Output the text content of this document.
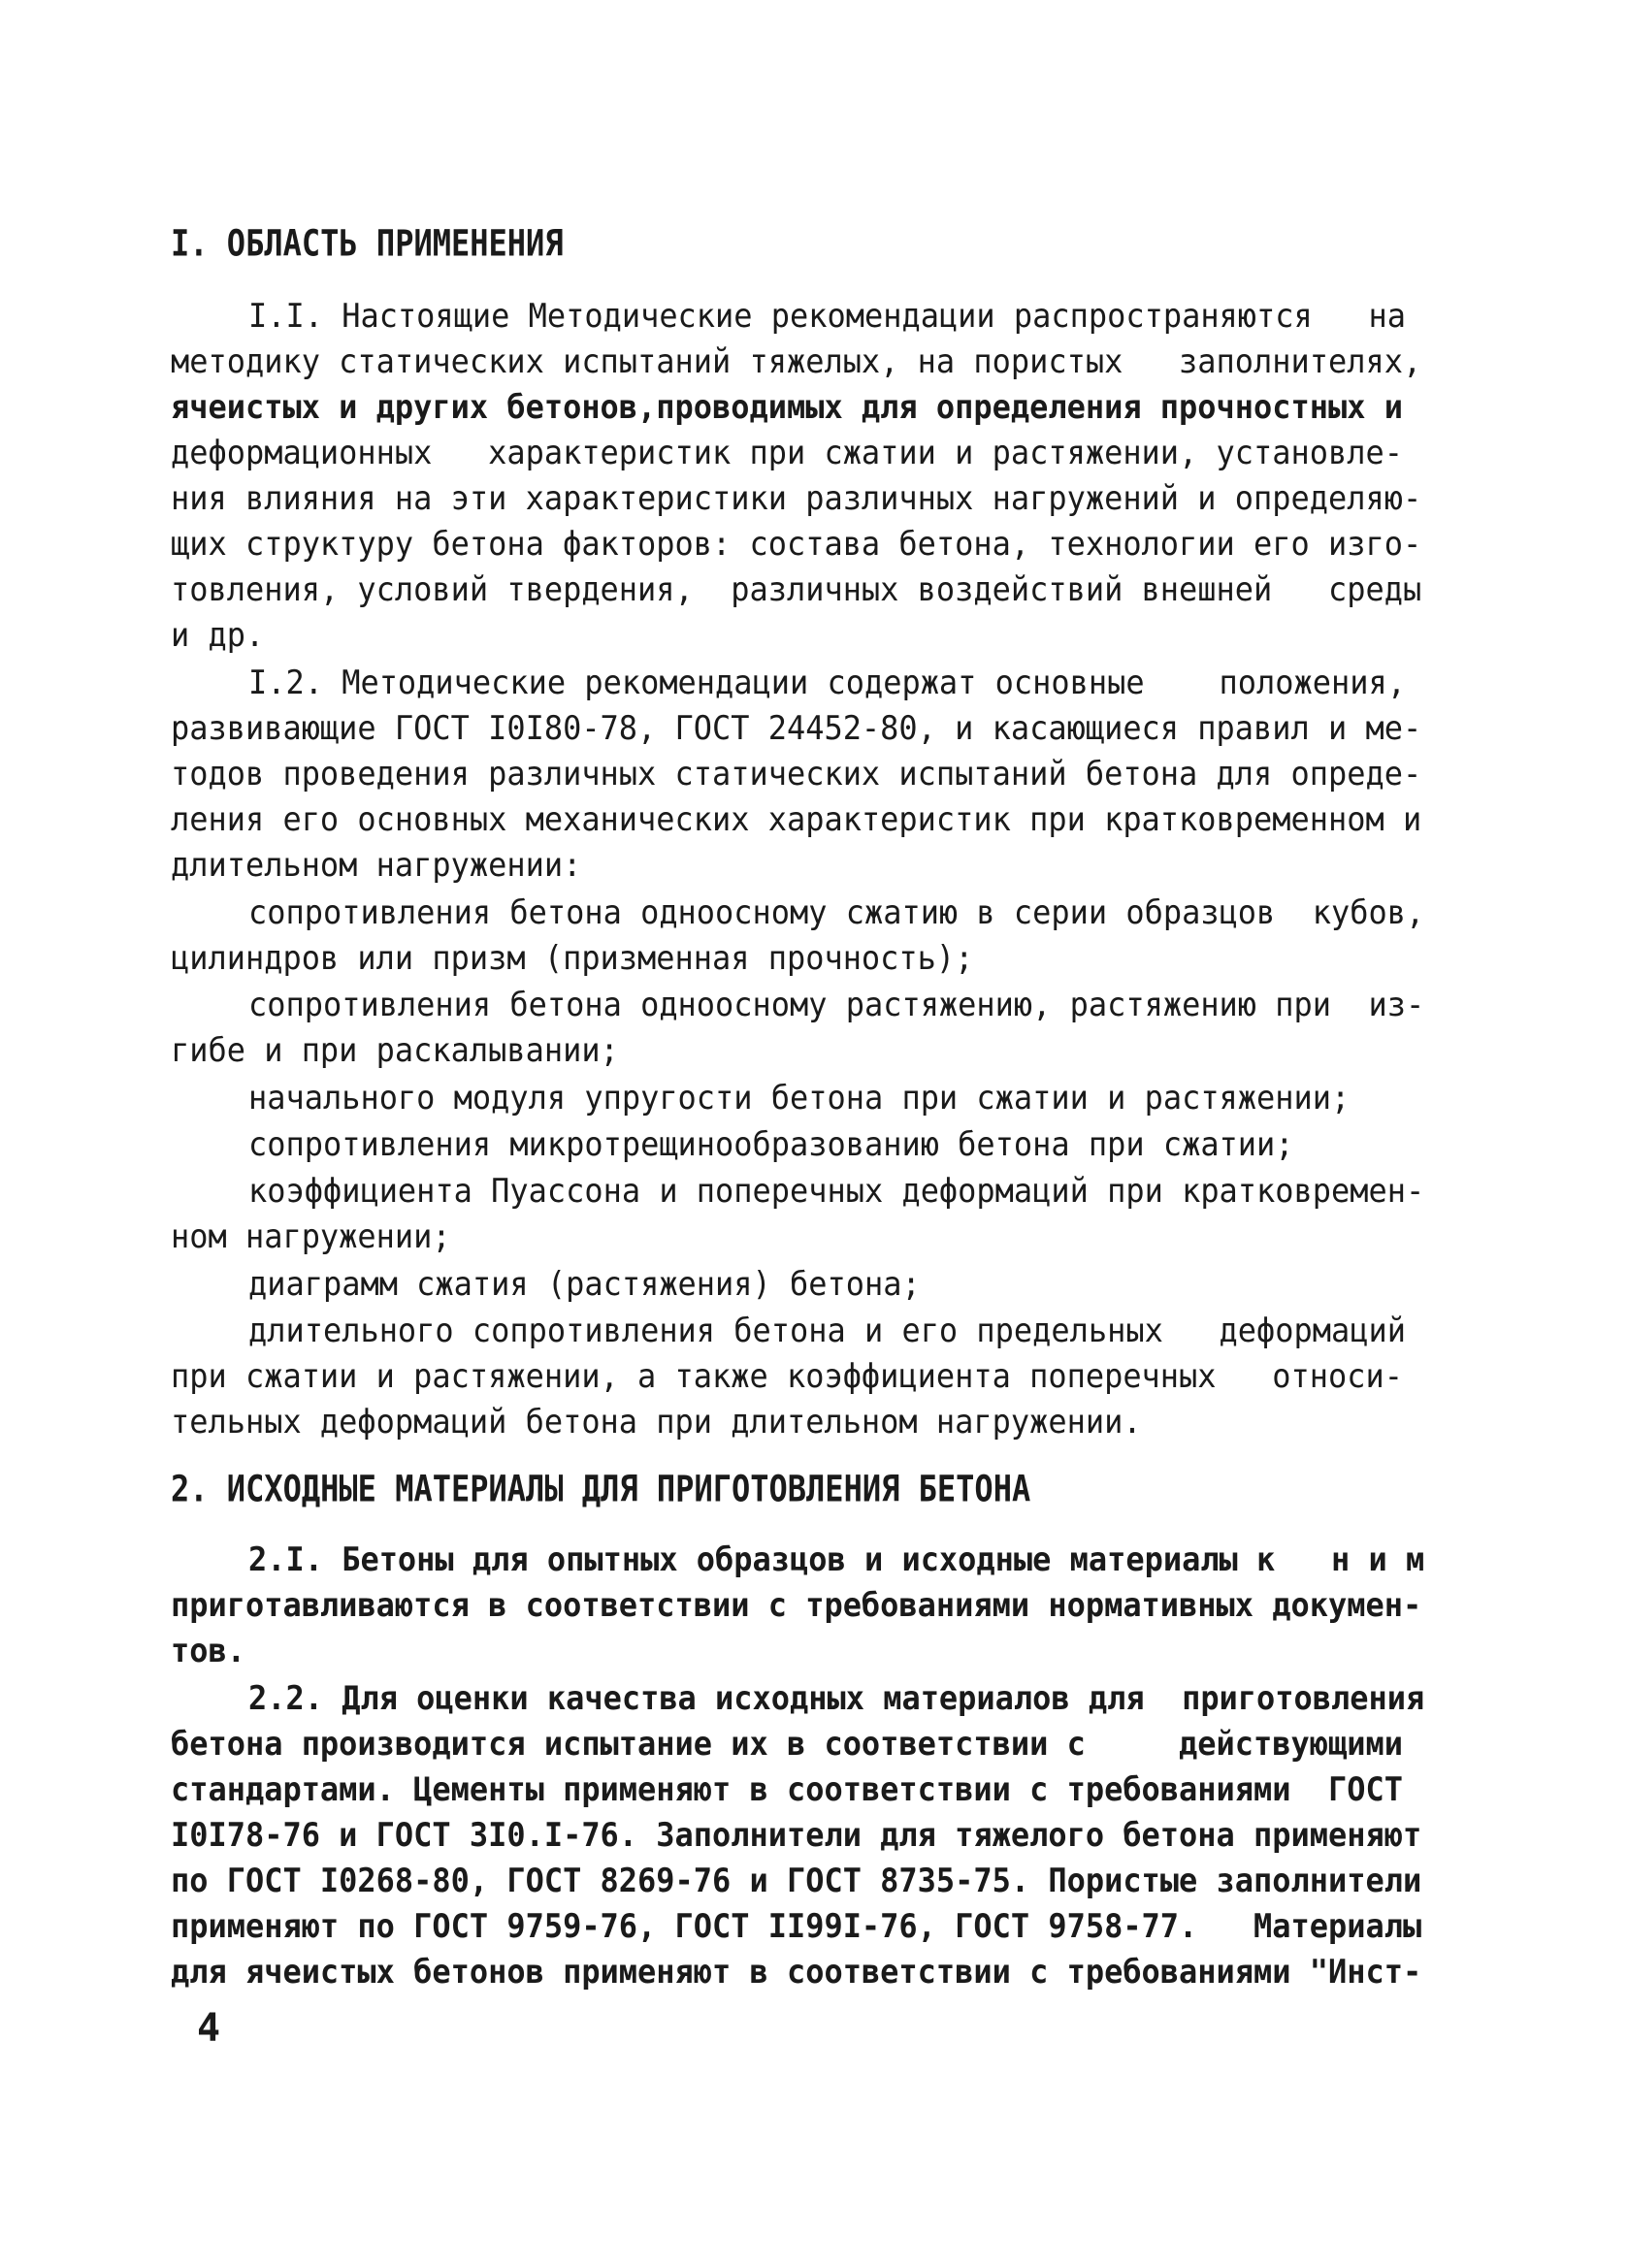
I. ОБЛАСТЬ ПРИМЕНЕНИЯ
I.I. Настоящие Методические рекомендации распространяются   на
методику статических испытаний тяжелых, на пористых   заполнителях,
ячеистых и других бетонов,проводимых для определения прочностных и
деформационных   характеристик при сжатии и растяжении, установле-
ния влияния на эти характеристики различных нагружений и определяю-
щих структуру бетона факторов: состава бетона, технологии его изго-
товления, условий твердения,  различных воздействий внешней   среды
и др.
I.2. Методические рекомендации содержат основные    положения,
развивающие ГОСТ I0I80-78, ГОСТ 24452-80, и касающиеся правил и ме-
тодов проведения различных статических испытаний бетона для опреде-
ления его основных механических характеристик при кратковременном и
длительном нагружении:
сопротивления бетона одноосному сжатию в серии образцов  кубов,
цилиндров или призм (призменная прочность);
сопротивления бетона одноосному растяжению, растяжению при  из-
гибе и при раскалывании;
начального модуля упругости бетона при сжатии и растяжении;
сопротивления микротрещинообразованию бетона при сжатии;
коэффициента Пуассона и поперечных деформаций при кратковремен-
ном нагружении;
диаграмм сжатия (растяжения) бетона;
длительного сопротивления бетона и его предельных   деформаций
при сжатии и растяжении, а также коэффициента поперечных   относи-
тельных деформаций бетона при длительном нагружении.
2. ИСХОДНЫЕ МАТЕРИАЛЫ ДЛЯ ПРИГОТОВЛЕНИЯ БЕТОНА
2.I. Бетоны для опытных образцов и исходные материалы к   н и м
приготавливаются в соответствии с требованиями нормативных докумен-
тов.
2.2. Для оценки качества исходных материалов для  приготовления
бетона производится испытание их в соответствии с     действующими
стандартами. Цементы применяют в соответствии с требованиями  ГОСТ
I0I78-76 и ГОСТ 3I0.I-76. Заполнители для тяжелого бетона применяют
по ГОСТ I0268-80, ГОСТ 8269-76 и ГОСТ 8735-75. Пористые заполнители
применяют по ГОСТ 9759-76, ГОСТ II99I-76, ГОСТ 9758-77.   Материалы
для ячеистых бетонов применяют в соответствии с требованиями "Инст-
4
